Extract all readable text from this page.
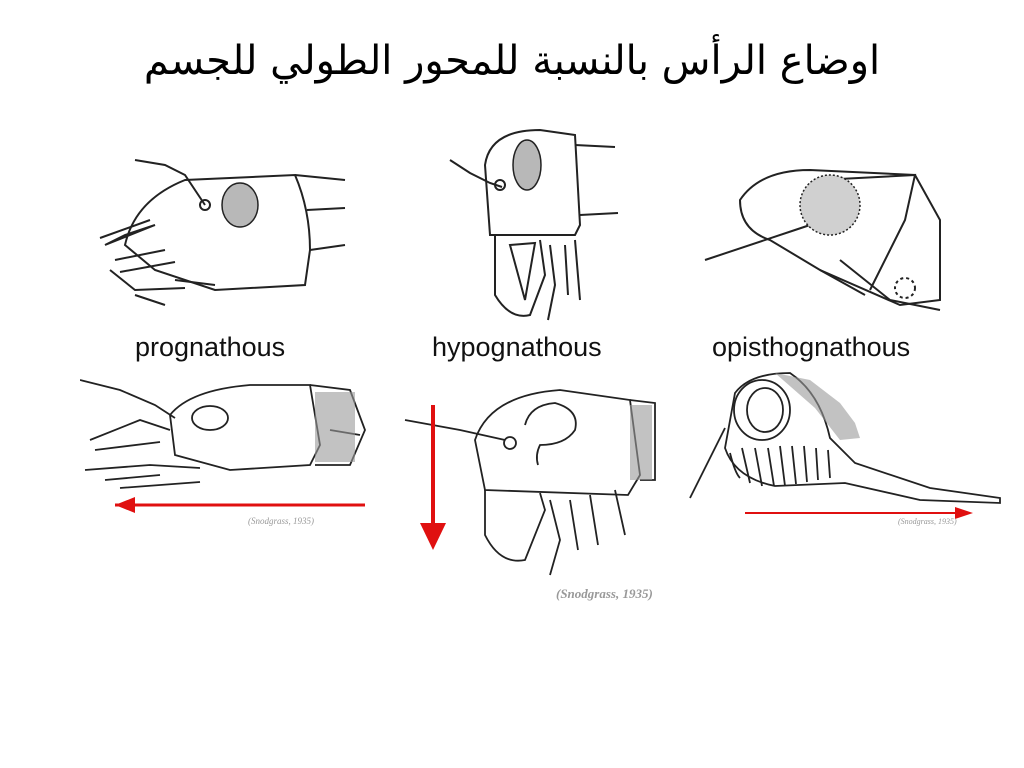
اوضاع الرأس بالنسبة للمحور الطولي للجسم
prognathous	hypognathous	opisthognathous
(Snodgrass, 1935)
(Snodgrass, 1935)
(Snodgrass, 1935)
